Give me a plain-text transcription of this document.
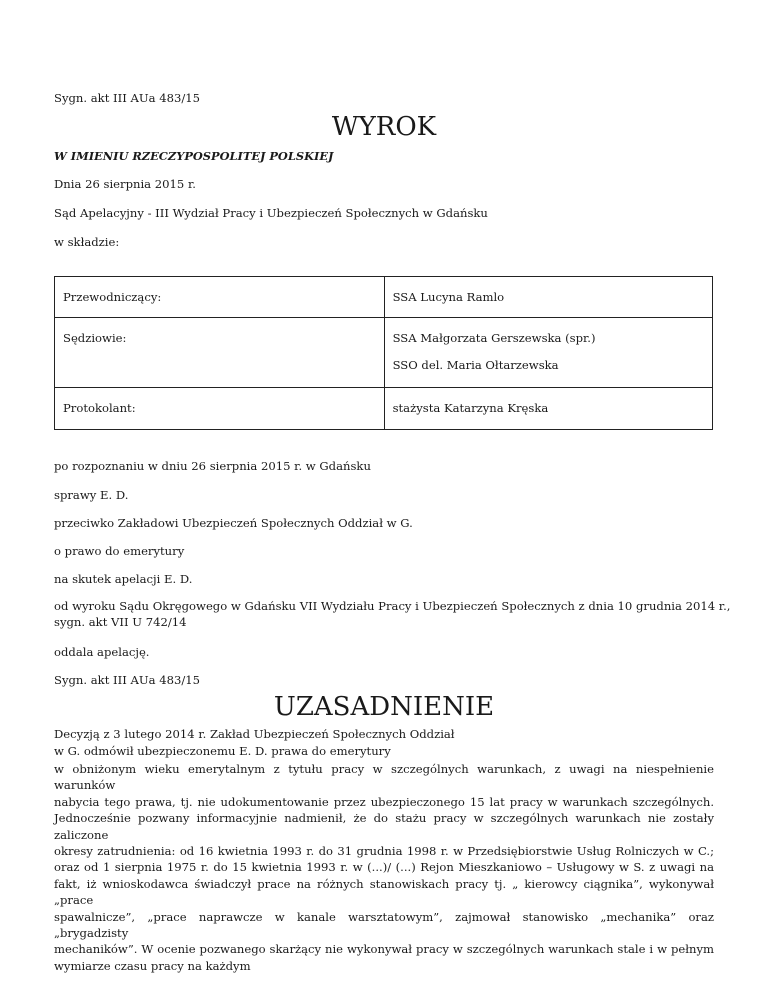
Sygn. akt III AUa 483/15
WYROK
W IMIENIU RZECZYPOSPOLITEJ POLSKIEJ
Dnia 26 sierpnia 2015 r.
Sąd Apelacyjny - III Wydział Pracy i Ubezpieczeń Społecznych w Gdańsku
w składzie:
Przewodniczący:	SSA Lucyna Ramlo

Sędziowie:	SSA Małgorzata Gerszewska (spr.)
SSO del. Maria Ołtarzewska

Protokolant:	stażysta Katarzyna Kręska
po rozpoznaniu w dniu 26 sierpnia 2015 r. w Gdańsku
sprawy E. D.
przeciwko Zakładowi Ubezpieczeń Społecznych Oddział w G.
o prawo do emerytury
na skutek apelacji E. D.
od wyroku Sądu Okręgowego w Gdańsku VII Wydziału Pracy i Ubezpieczeń Społecznych z dnia 10 grudnia 2014 r.,
sygn. akt VII U 742/14
oddala apelację.
Sygn. akt III AUa 483/15
UZASADNIENIE
Decyzją z 3 lutego 2014 r. Zakład Ubezpieczeń Społecznych Oddział
w G. odmówił ubezpieczonemu E. D. prawa do emerytury
w obniżonym wieku emerytalnym z tytułu pracy w szczególnych warunkach, z uwagi na niespełnienie warunków
nabycia tego prawa, tj. nie udokumentowanie przez ubezpieczonego 15 lat pracy w warunkach szczególnych.
Jednocześnie pozwany informacyjnie nadmienił, że do stażu pracy w szczególnych warunkach nie zostały zaliczone
okresy zatrudnienia: od 16 kwietnia 1993 r. do 31 grudnia 1998 r. w Przedsiębiorstwie Usług Rolniczych w C.;
oraz od 1 sierpnia 1975 r. do 15 kwietnia 1993 r. w (...)/ (...) Rejon Mieszkaniowo – Usługowy w S. z uwagi na
fakt, iż wnioskodawca świadczył prace na różnych stanowiskach pracy tj. „ kierowcy ciągnika”, wykonywał „prace
spawalnicze”, „prace naprawcze w kanale warsztatowym”, zajmował stanowisko „mechanika” oraz „brygadzisty
mechaników”. W ocenie pozwanego skarżący nie wykonywał pracy w szczególnych warunkach stale i w pełnym
wymiarze czasu pracy na każdym
